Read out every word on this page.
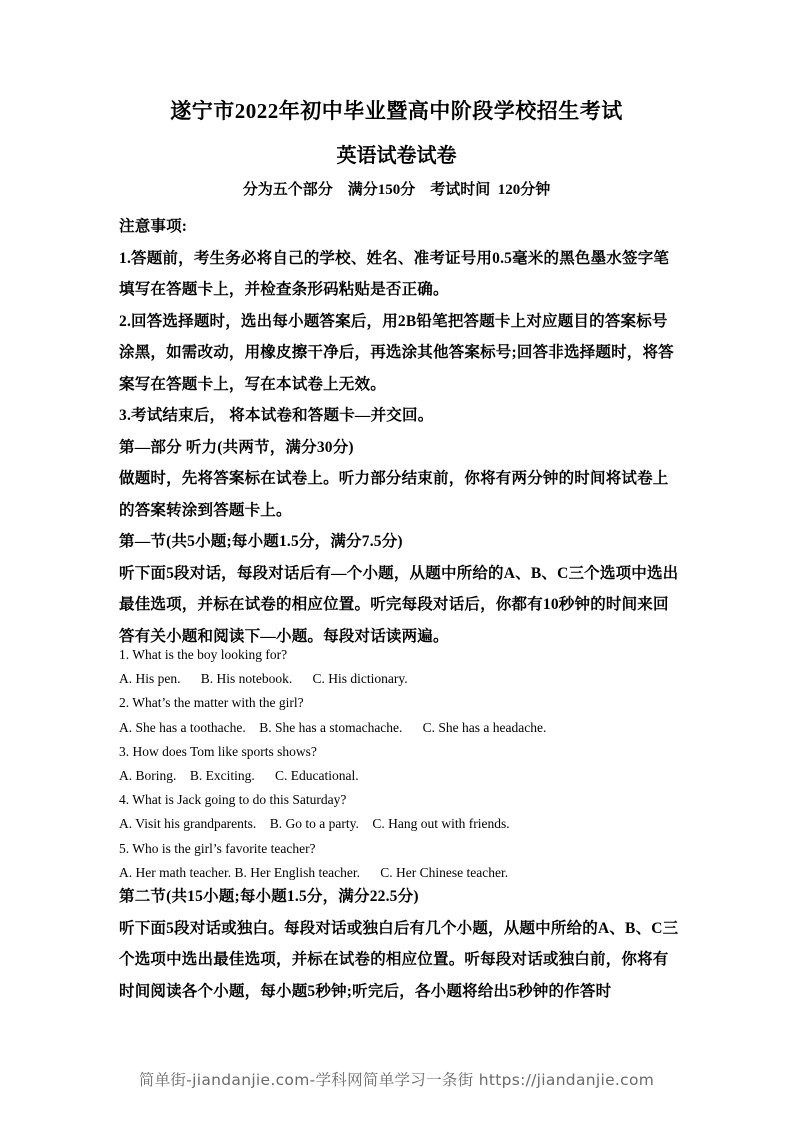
遂宁市2022年初中毕业暨高中阶段学校招生考试
英语试卷试卷
分为五个部分    满分150分    考试时间  120分钟

注意事项:

1.答题前，考生务必将自己的学校、姓名、准考证号用0.5毫米的黑色墨水签字笔填写在答题卡上，并检查条形码粘贴是否正确。

2.回答选择题时，选出每小题答案后，用2B铅笔把答题卡上对应题目的答案标号涂黑，如需改动，用橡皮擦干净后，再选涂其他答案标号;回答非选择题时，将答案写在答题卡上，写在本试卷上无效。

3.考试结束后， 将本试卷和答题卡—并交回。

第—部分 听力(共两节，满分30分)

做题时，先将答案标在试卷上。听力部分结束前，你将有两分钟的时间将试卷上的答案转涂到答题卡上。

第—节(共5小题;每小题1.5分，满分7.5分)

听下面5段对话，每段对话后有—个小题，从题中所给的A、B、C三个选项中选出最佳选项，并标在试卷的相应位置。听完每段对话后，你都有10秒钟的时间来回答有关小题和阅读下—小题。每段对话读两遍。

1. What is the boy looking for?

A. His pen.      B. His notebook.      C. His dictionary.

2. What’s the matter with the girl?

A. She has a toothache.    B. She has a stomachache.      C. She has a headache.

3. How does Tom like sports shows?

A. Boring.    B. Exciting.      C. Educational.

4. What is Jack going to do this Saturday?

A. Visit his grandparents.    B. Go to a party.    C. Hang out with friends.

5. Who is the girl’s favorite teacher?

A. Her math teacher. B. Her English teacher.      C. Her Chinese teacher.

第二节(共15小题;每小题1.5分，满分22.5分)

听下面5段对话或独白。每段对话或独白后有几个小题，从题中所给的A、B、C三个选项中选出最佳选项，并标在试卷的相应位置。听每段对话或独白前，你将有时间阅读各个小题，每小题5秒钟;听完后，各小题将给出5秒钟的作答时

简单街-jiandanjie.com-学科网简单学习一条街 https://jiandanjie.com
